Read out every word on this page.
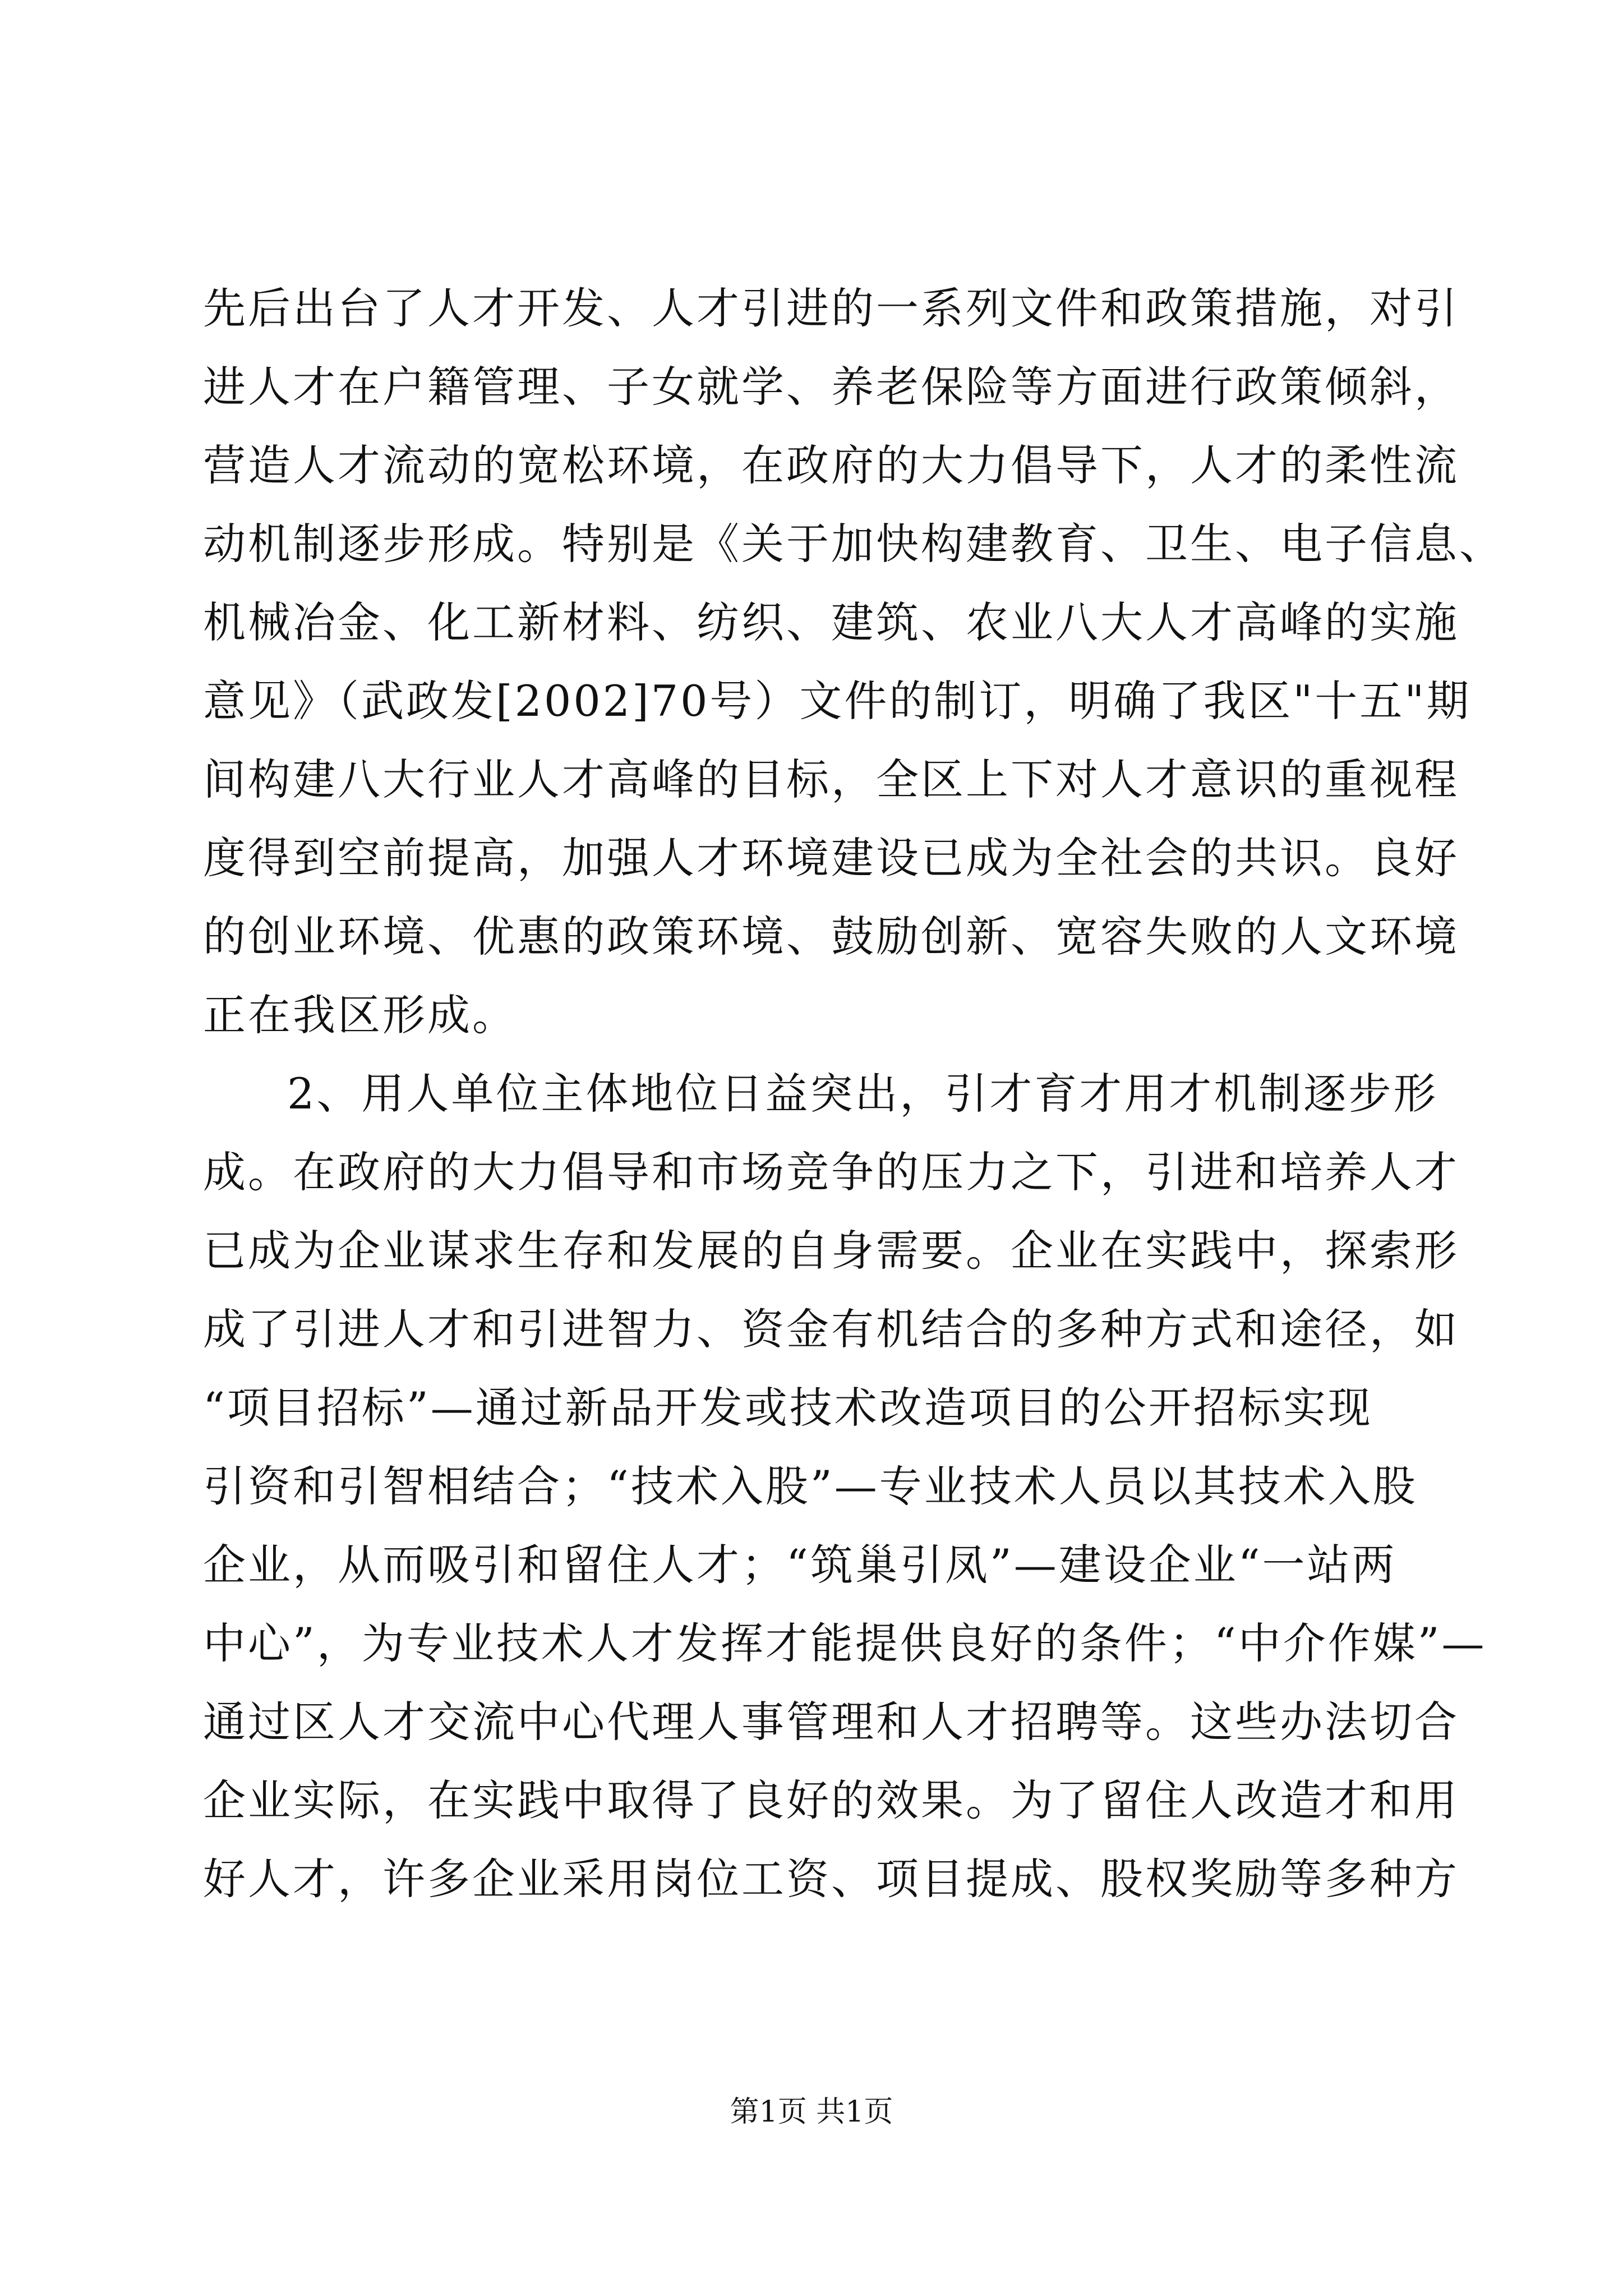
先后出台了人才开发、人才引进的一系列文件和政策措施，对引
进人才在户籍管理、子女就学、养老保险等方面进行政策倾斜，
营造人才流动的宽松环境，在政府的大力倡导下，人才的柔性流
动机制逐步形成。特别是《关于加快构建教育、卫生、电子信息、
机械冶金、化工新材料、纺织、建筑、农业八大人才高峰的实施
意见》（武政发[2002]70号）文件的制订，明确了我区"十五"期
间构建八大行业人才高峰的目标，全区上下对人才意识的重视程
度得到空前提高，加强人才环境建设已成为全社会的共识。良好
的创业环境、优惠的政策环境、鼓励创新、宽容失败的人文环境
正在我区形成。
2、用人单位主体地位日益突出，引才育才用才机制逐步形
成。在政府的大力倡导和市场竞争的压力之下，引进和培养人才
已成为企业谋求生存和发展的自身需要。企业在实践中，探索形
成了引进人才和引进智力、资金有机结合的多种方式和途径，如
“项目招标”—通过新品开发或技术改造项目的公开招标实现
引资和引智相结合；“技术入股”—专业技术人员以其技术入股
企业，从而吸引和留住人才；“筑巢引凤”—建设企业“一站两
中心”，为专业技术人才发挥才能提供良好的条件；“中介作媒”—
通过区人才交流中心代理人事管理和人才招聘等。这些办法切合
企业实际，在实践中取得了良好的效果。为了留住人改造才和用
好人才，许多企业采用岗位工资、项目提成、股权奖励等多种方
第1页 共1页
